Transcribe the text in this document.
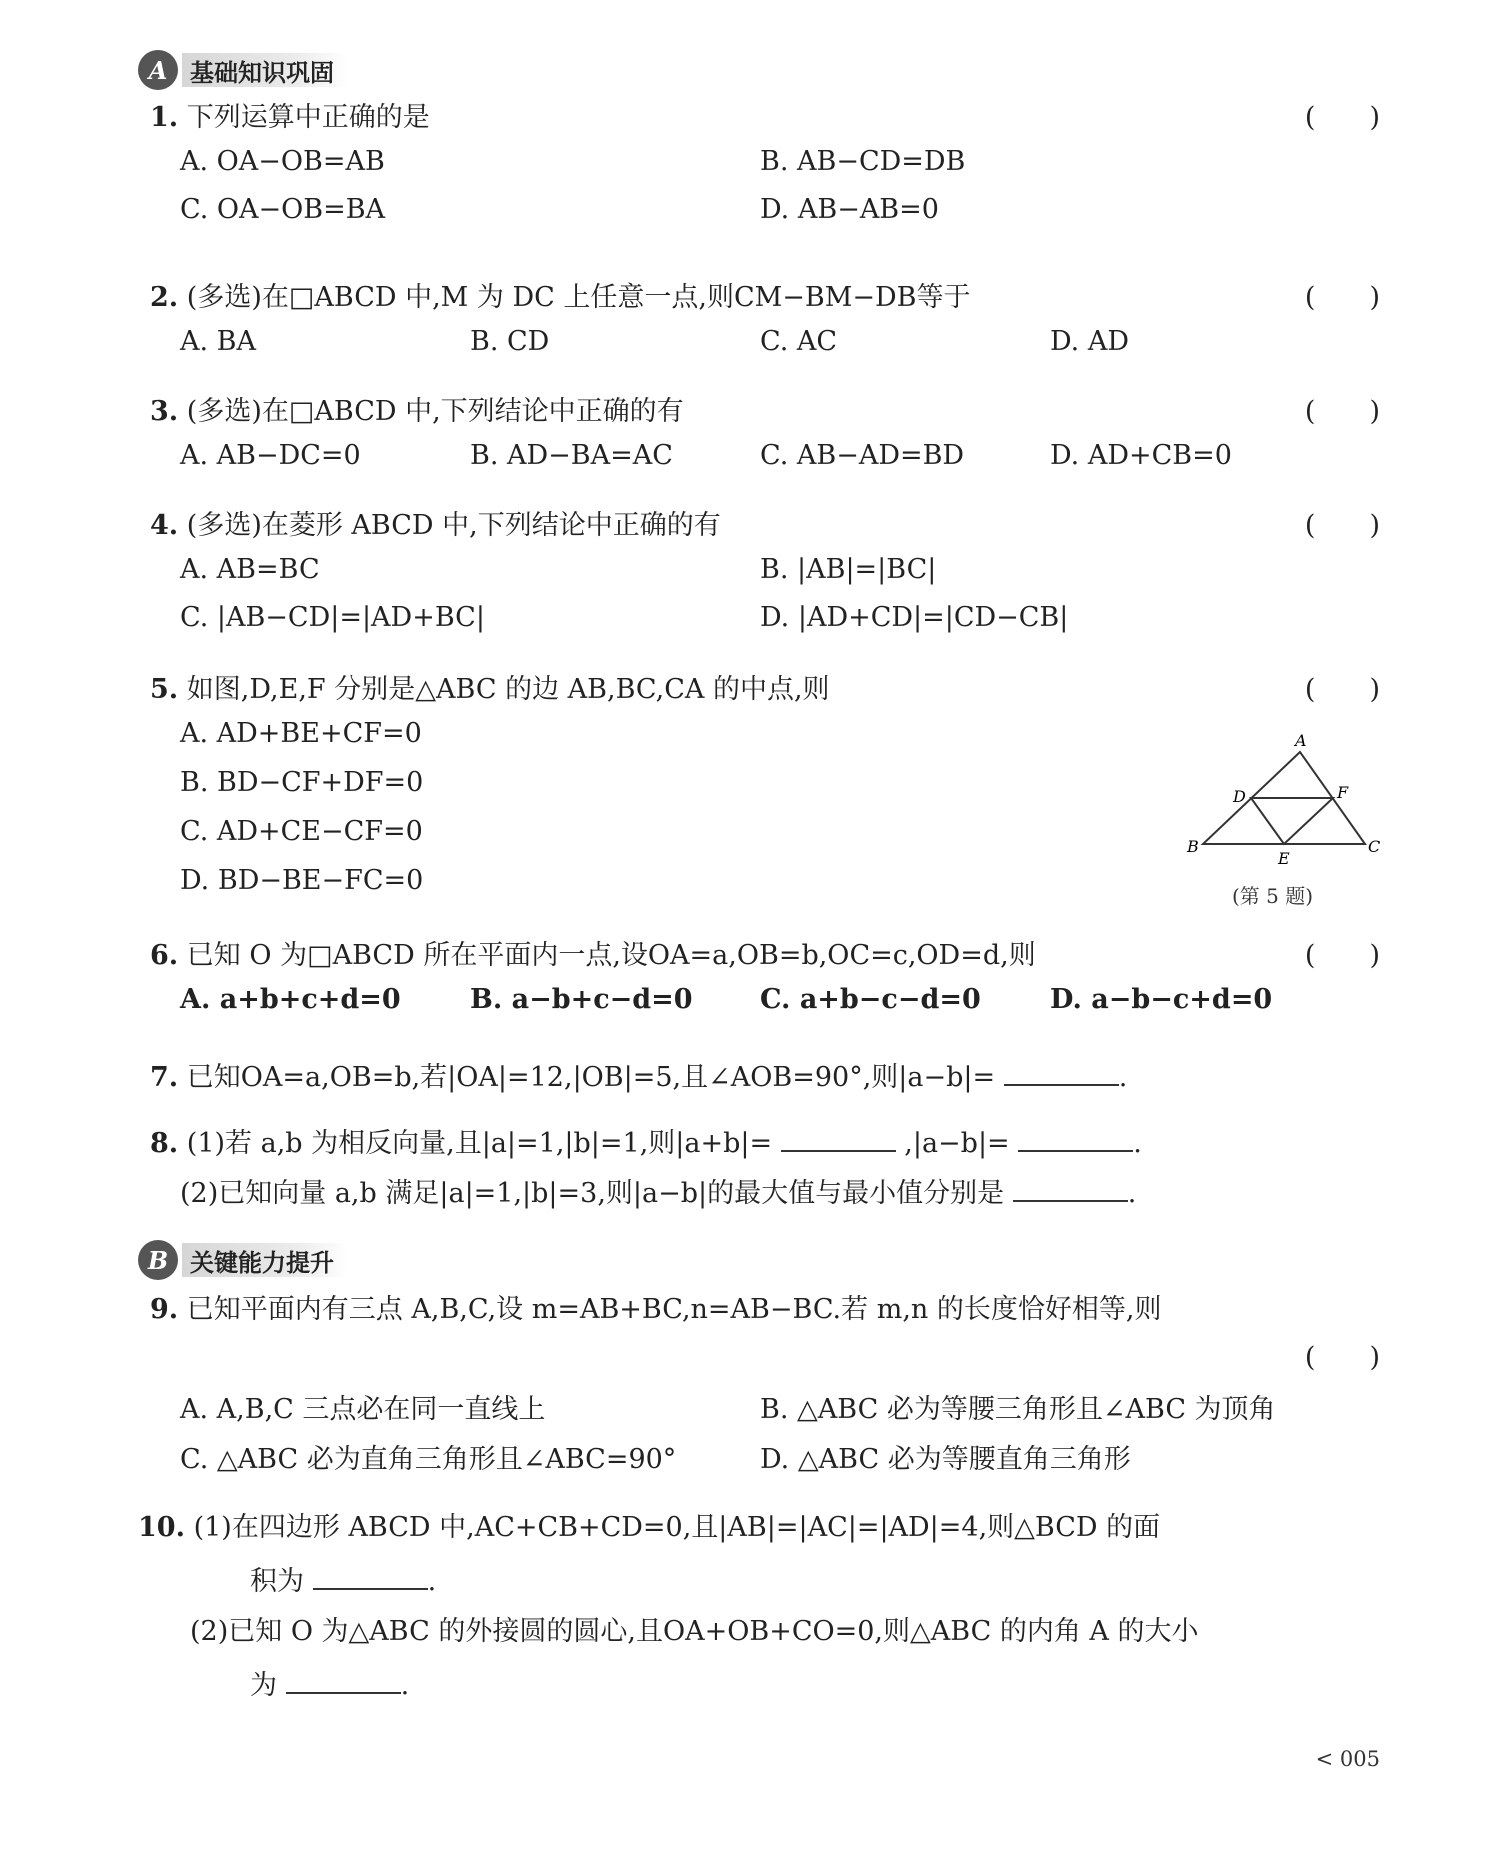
A 基础知识巩固
1. 下列运算中正确的是	(　　)
A. OA−OB=AB	B. AB−CD=DB
C. OA−OB=BA	D. AB−AB=0
2. (多选)在□ABCD 中,M 为 DC 上任意一点,则CM−BM−DB等于	(　　)
A. BA	B. CD	C. AC	D. AD
3. (多选)在□ABCD 中,下列结论中正确的有	(　　)
A. AB−DC=0	B. AD−BA=AC	C. AB−AD=BD	D. AD+CB=0
4. (多选)在菱形 ABCD 中,下列结论中正确的有	(　　)
A. AB=BC	B. |AB|=|BC|
C. |AB−CD|=|AD+BC|	D. |AD+CD|=|CD−CB|
5. 如图,D,E,F 分别是△ABC 的边 AB,BC,CA 的中点,则	(　　)
A. AD+BE+CF=0
B. BD−CF+DF=0
C. AD+CE−CF=0
D. BD−BE−FC=0
A
B	C
D
E
F
(第 5 题)
6. 已知 O 为□ABCD 所在平面内一点,设OA=a,OB=b,OC=c,OD=d,则	(　　)
A. a+b+c+d=0	B. a−b+c−d=0 C. a+b−c−d=0	D. a−b−c+d=0
7. 已知OA=a,OB=b,若|OA|=12,|OB|=5,且∠AOB=90°,则|a−b|=	.
8. (1)若 a,b 为相反向量,且|a|=1,|b|=1,则|a+b|=	,|a−b|=	.
(2)已知向量 a,b 满足|a|=1,|b|=3,则|a−b|的最大值与最小值分别是	.
B 关键能力提升
9. 已知平面内有三点 A,B,C,设 m=AB+BC,n=AB−BC.若 m,n 的长度恰好相等,则
(　　)
A. A,B,C 三点必在同一直线上	B. △ABC 必为等腰三角形且∠ABC 为顶角
C. △ABC 必为直角三角形且∠ABC=90°	D. △ABC 必为等腰直角三角形
10. (1)在四边形 ABCD 中,AC+CB+CD=0,且|AB|=|AC|=|AD|=4,则△BCD 的面
积为	.
(2)已知 O 为△ABC 的外接圆的圆心,且OA+OB+CO=0,则△ABC 的内角 A 的大小
为	.
< 005
